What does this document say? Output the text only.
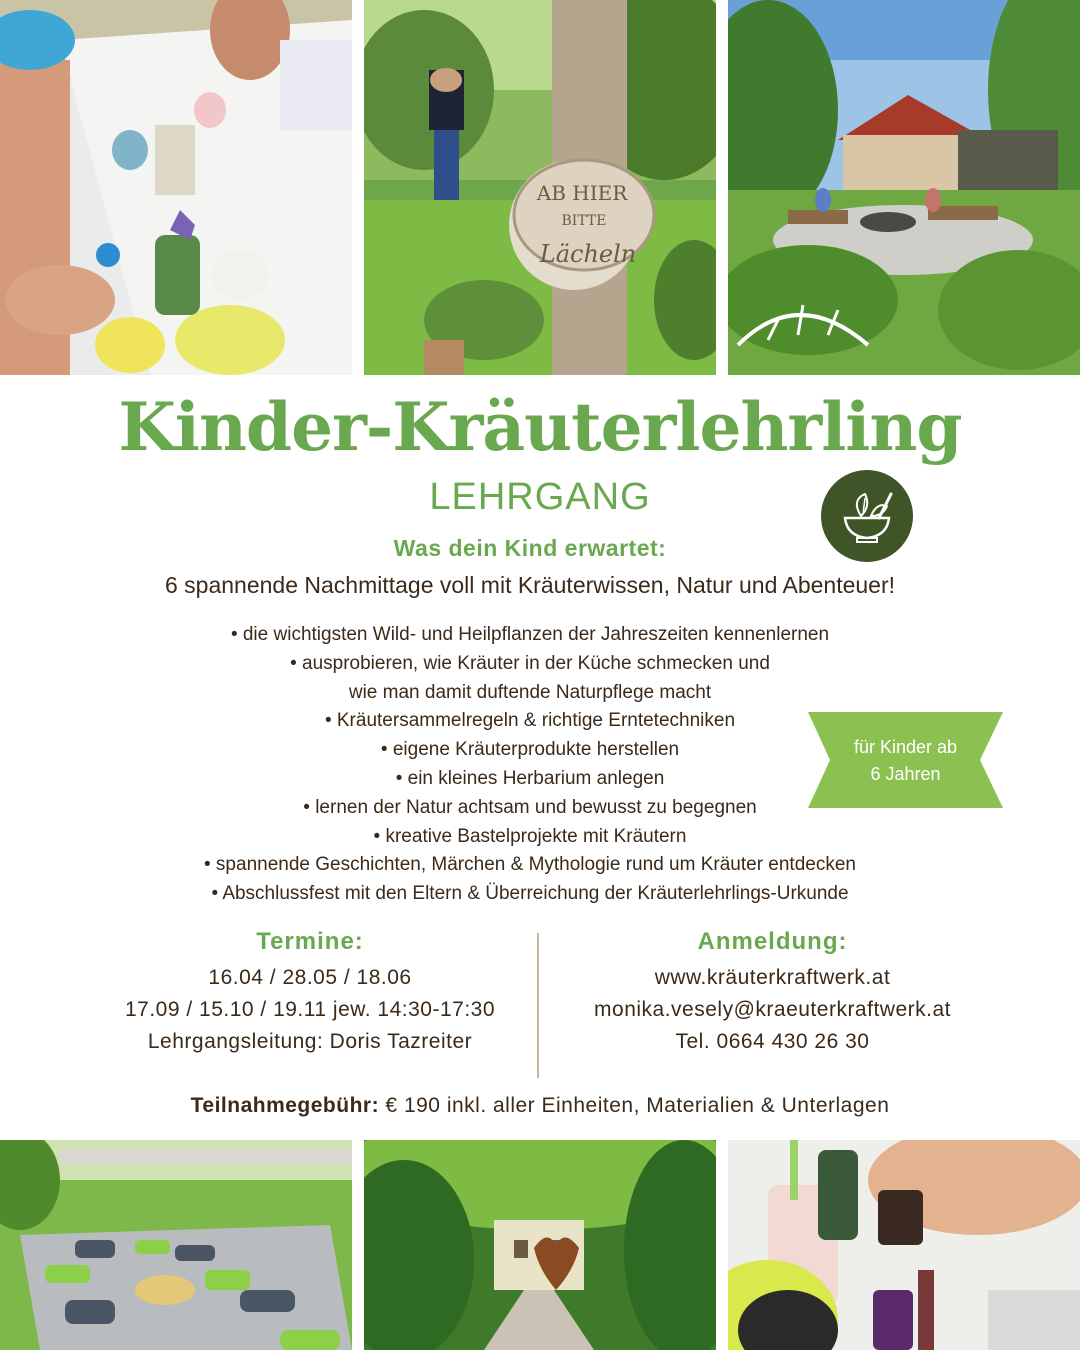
AB HIER
BITTE
Lächeln
Kinder-Kräuterlehrling
LEHRGANG
Was dein Kind erwartet:
6 spannende Nachmittage voll mit Kräuterwissen, Natur und Abenteuer!
• die wichtigsten Wild- und Heilpflanzen der Jahreszeiten kennenlernen
• ausprobieren, wie Kräuter in der Küche schmecken und
wie man damit duftende Naturpflege macht
• Kräutersammelregeln & richtige Erntetechniken
• eigene Kräuterprodukte herstellen
• ein kleines Herbarium anlegen
• lernen der Natur achtsam und bewusst zu begegnen
• kreative Bastelprojekte mit Kräutern
• spannende Geschichten, Märchen & Mythologie rund um Kräuter entdecken
• Abschlussfest mit den Eltern & Überreichung der Kräuterlehrlings-Urkunde
für Kinder ab
6 Jahren
Termine:
16.04 / 28.05 / 18.06
17.09 / 15.10 / 19.11 jew. 14:30-17:30
Lehrgangsleitung: Doris Tazreiter
Anmeldung:
www.kräuterkraftwerk.at
monika.vesely@kraeuterkraftwerk.at
Tel. 0664 430 26 30
Teilnahmegebühr: € 190 inkl. aller Einheiten, Materialien & Unterlagen
